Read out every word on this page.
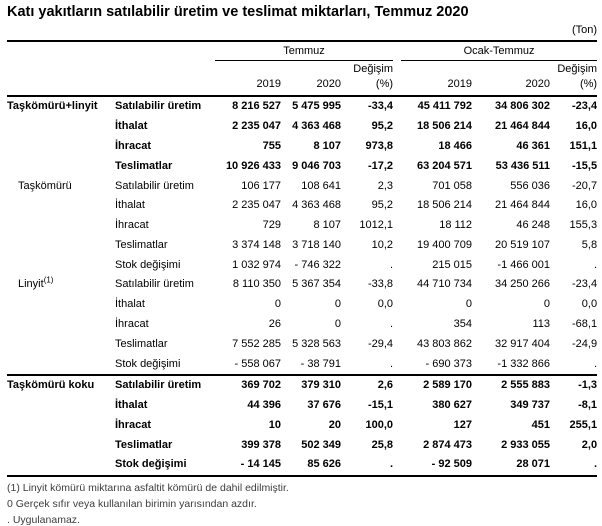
Katı yakıtların satılabilir üretim ve teslimat miktarları, Temmuz 2020
(Ton)
		Temmuz				Ocak-Temmuz		
				Değişim				Değişim
		2019	2020	(%)		2019	2020	(%)
Taşkömürü+linyit	Satılabilir üretim	8 216 527	5 475 995	-33,4		45 411 792	34 806 302	-23,4
	İthalat	2 235 047	4 363 468	95,2		18 506 214	21 464 844	16,0
	İhracat	755	8 107	973,8		18 466	46 361	151,1
	Teslimatlar	10 926 433	9 046 703	-17,2		63 204 571	53 436 511	-15,5
Taşkömürü	Satılabilir üretim	106 177	108 641	2,3		701 058	556 036	-20,7
	İthalat	2 235 047	4 363 468	95,2		18 506 214	21 464 844	16,0
	İhracat	729	8 107	1012,1		18 112	46 248	155,3
	Teslimatlar	3 374 148	3 718 140	10,2		19 400 709	20 519 107	5,8
	Stok değişimi	1 032 974	- 746 322	.		215 015	-1 466 001	.
Linyit$^{(1)}$	Satılabilir üretim	8 110 350	5 367 354	-33,8		44 710 734	34 250 266	-23,4
	İthalat	0	0	0,0		0	0	0,0
	İhracat	26	0	.		354	113	-68,1
	Teslimatlar	7 552 285	5 328 563	-29,4		43 803 862	32 917 404	-24,9
	Stok değişimi	- 558 067	- 38 791	.		- 690 373	-1 332 866	.
Taşkömürü koku	Satılabilir üretim	369 702	379 310	2,6		2 589 170	2 555 883	-1,3
	İthalat	44 396	37 676	-15,1		380 627	349 737	-8,1
	İhracat	10	20	100,0		127	451	255,1
	Teslimatlar	399 378	502 349	25,8		2 874 473	2 933 055	2,0
	Stok değişimi	- 14 145	85 626	.		- 92 509	28 071	.
(1) Linyit kömürü miktarına asfaltit kömürü de dahil edilmiştir.
0 Gerçek sıfır veya kullanılan birimin yarısından azdır.
. Uygulanamaz.
